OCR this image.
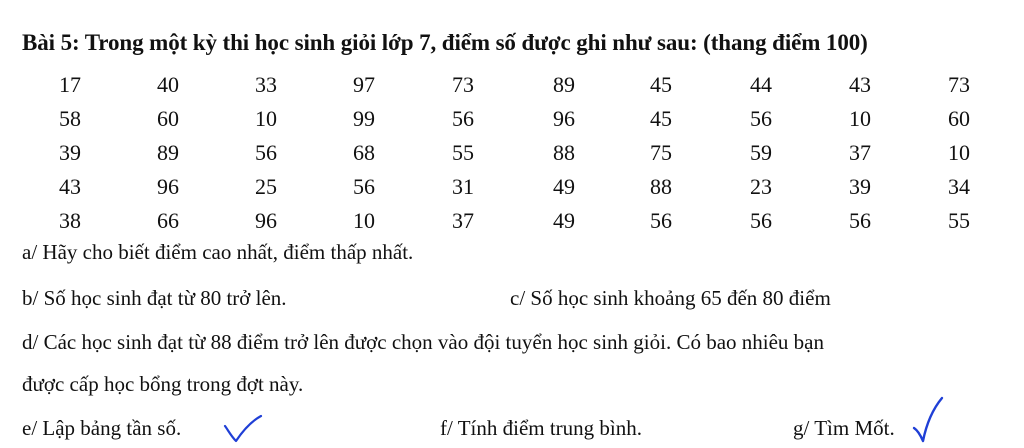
Bài 5: Trong một kỳ thi học sinh giỏi lớp 7, điểm số được ghi như sau: (thang điểm 100)
17	40	33	97	73	89	45	44	43	73
58	60	10	99	56	96	45	56	10	60
39	89	56	68	55	88	75	59	37	10
43	96	25	56	31	49	88	23	39	34
38	66	96	10	37	49	56	56	56	55
a/ Hãy cho biết điểm cao nhất, điểm thấp nhất.
b/ Số học sinh đạt từ 80 trở lên.	c/ Số học sinh khoảng 65 đến 80 điểm
d/ Các học sinh đạt từ 88 điểm trở lên được chọn vào đội tuyển học sinh giỏi. Có bao nhiêu bạn
được cấp học bổng trong đợt này.
e/ Lập bảng tần số.	f/ Tính điểm trung bình.	g/ Tìm Mốt.
